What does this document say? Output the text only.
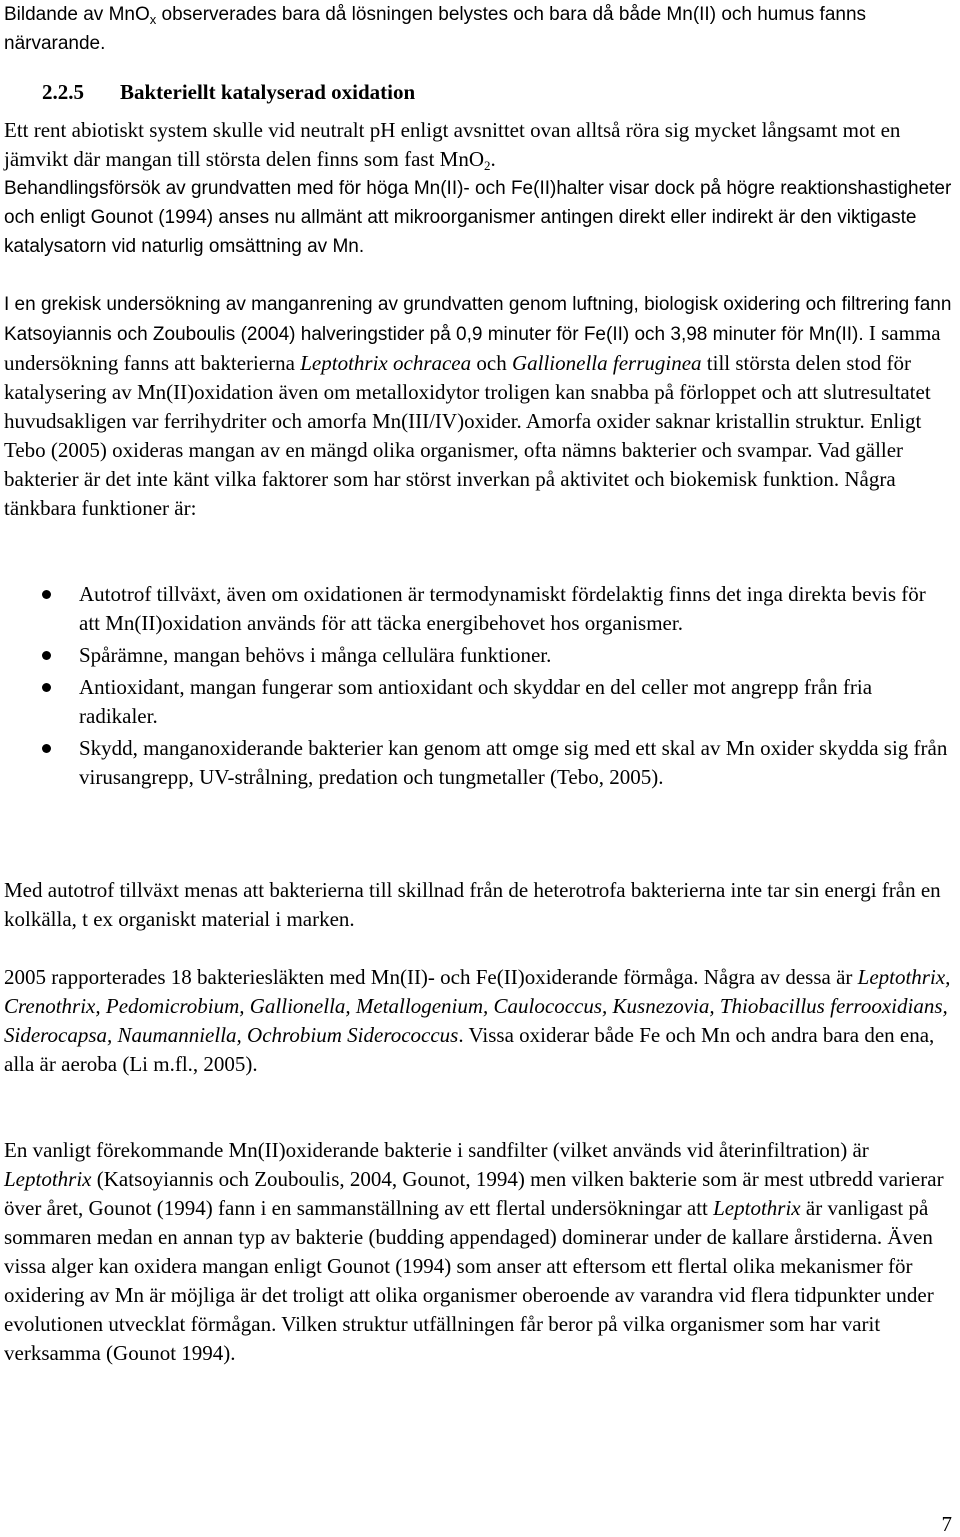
Bildande av MnO$_x$ observerades bara då lösningen belystes och bara då både Mn(II) och humus fanns närvarande.

2.2.5 Bakteriellt katalyserad oxidation

Ett rent abiotiskt system skulle vid neutralt pH enligt avsnittet ovan alltså röra sig mycket långsamt mot en jämvikt där mangan till största delen finns som fast MnO$_2$.

Behandlingsförsök av grundvatten med för höga Mn(II)- och Fe(II)halter visar dock på högre reaktionshastigheter och enligt Gounot (1994) anses nu allmänt att mikroorganismer antingen direkt eller indirekt är den viktigaste katalysatorn vid naturlig omsättning av Mn.

I en grekisk undersökning av manganrening av grundvatten genom luftning, biologisk oxidering och filtrering fann Katsoyiannis och Zouboulis (2004) halveringstider på 0,9 minuter för Fe(II) och 3,98 minuter för Mn(II). I samma undersökning fanns att bakterierna Leptothrix ochracea och Gallionella ferruginea till största delen stod för katalysering av Mn(II)oxidation även om metalloxidytor troligen kan snabba på förloppet och att slutresultatet huvudsakligen var ferrihydriter och amorfa Mn(III/IV)oxider. Amorfa oxider saknar kristallin struktur. Enligt Tebo (2005) oxideras mangan av en mängd olika organismer, ofta nämns bakterier och svampar. Vad gäller bakterier är det inte känt vilka faktorer som har störst inverkan på aktivitet och biokemisk funktion. Några tänkbara funktioner är:

Autotrof tillväxt, även om oxidationen är termodynamiskt fördelaktig finns det inga direkta bevis för att Mn(II)oxidation används för att täcka energibehovet hos organismer.
Spårämne, mangan behövs i många cellulära funktioner.
Antioxidant, mangan fungerar som antioxidant och skyddar en del celler mot angrepp från fria radikaler.
Skydd, manganoxiderande bakterier kan genom att omge sig med ett skal av Mn oxider skydda sig från virusangrepp, UV-strålning, predation och tungmetaller (Tebo, 2005).

Med autotrof tillväxt menas att bakterierna till skillnad från de heterotrofa bakterierna inte tar sin energi från en kolkälla, t ex organiskt material i marken.

2005 rapporterades 18 bakteriesläkten med Mn(II)- och Fe(II)oxiderande förmåga. Några av dessa är Leptothrix, Crenothrix, Pedomicrobium, Gallionella, Metallogenium, Caulococcus, Kusnezovia, Thiobacillus ferrooxidians, Siderocapsa, Naumanniella, Ochrobium Siderococcus. Vissa oxiderar både Fe och Mn och andra bara den ena, alla är aeroba (Li m.fl., 2005).

En vanligt förekommande Mn(II)oxiderande bakterie i sandfilter (vilket används vid återinfiltration) är Leptothrix (Katsoyiannis och Zouboulis, 2004, Gounot, 1994) men vilken bakterie som är mest utbredd varierar över året, Gounot (1994) fann i en sammanställning av ett flertal undersökningar att Leptothrix är vanligast på sommaren medan en annan typ av bakterie (budding appendaged) dominerar under de kallare årstiderna. Även vissa alger kan oxidera mangan enligt Gounot (1994) som anser att eftersom ett flertal olika mekanismer för oxidering av Mn är möjliga är det troligt att olika organismer oberoende av varandra vid flera tidpunkter under evolutionen utvecklat förmågan. Vilken struktur utfällningen får beror på vilka organismer som har varit verksamma (Gounot 1994).

7
